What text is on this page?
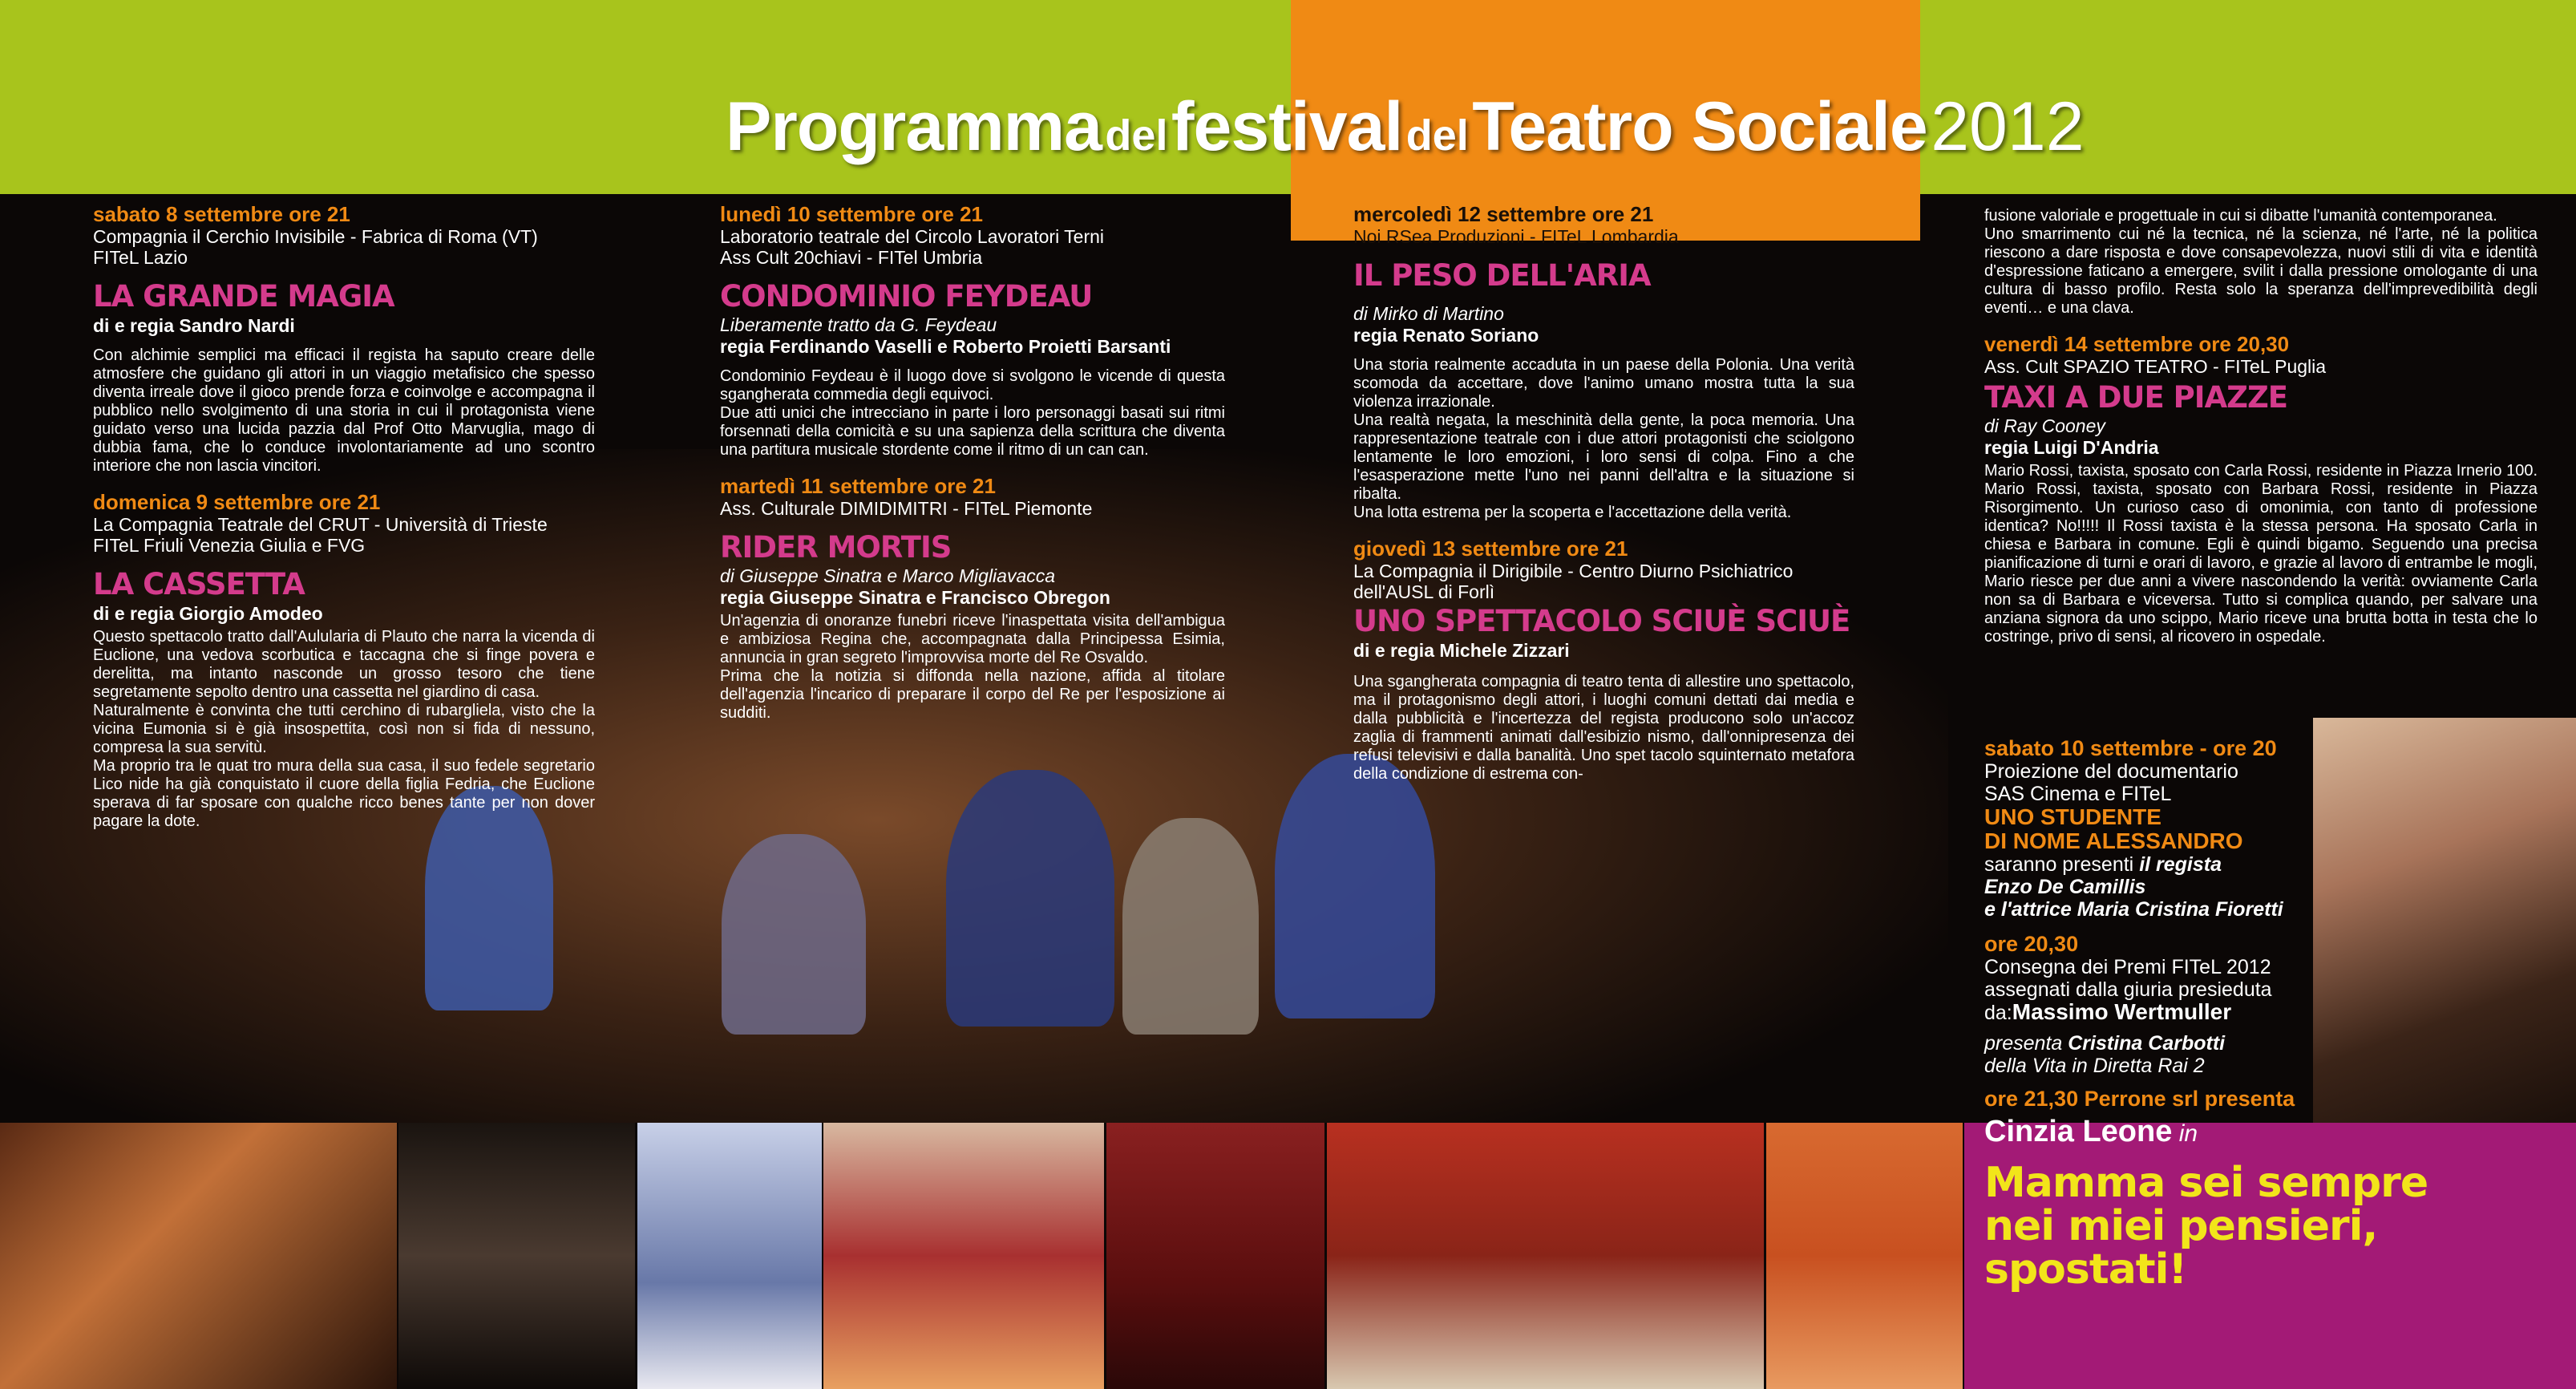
Programma del festival del Teatro Sociale 2012
sabato 8 settembre ore 21
Compagnia il Cerchio Invisibile - Fabrica di Roma (VT)
FITeL Lazio
LA GRANDE MAGIA
di e regia Sandro Nardi
Con alchimie semplici ma efficaci il regista ha saputo creare delle atmosfere che guidano gli attori in un viaggio metafisico che spesso diventa irreale dove il gioco prende forza e coinvolge e accompagna il pubblico nello svolgimento di una storia in cui il protagonista viene guidato verso una lucida pazzia dal Prof Otto Marvuglia, mago di dubbia fama, che lo conduce involontariamente ad uno scontro interiore che non lascia vincitori.
domenica 9 settembre ore 21
La Compagnia Teatrale del CRUT - Università di Trieste
FITeL Friuli Venezia Giulia e FVG
LA CASSETTA
di e regia Giorgio Amodeo
Questo spettacolo tratto dall'Aulularia di Plauto che narra la vicenda di Euclione, una vedova scorbutica e taccagna che si finge povera e derelitta, ma intanto nasconde un grosso tesoro che tiene segretamente sepolto dentro una cassetta nel giardino di casa.
Naturalmente è convinta che tutti cerchino di rubargliela, visto che la vicina Eumonia si è già insospettita, così non si fida di nessuno, compresa la sua servitù.
Ma proprio tra le quat tro mura della sua casa, il suo fedele segretario Lico nide ha già conquistato il cuore della figlia Fedria, che Euclione sperava di far sposare con qualche ricco benes tante per non dover pagare la dote.
lunedì 10 settembre ore 21
Laboratorio teatrale del Circolo Lavoratori Terni
Ass Cult 20chiavi - FITel Umbria
CONDOMINIO FEYDEAU
Liberamente tratto da G. Feydeau
regia Ferdinando Vaselli e Roberto Proietti Barsanti
Condominio Feydeau è il luogo dove si svolgono le vicende di questa sgangherata commedia degli equivoci.
Due atti unici che intrecciano in parte i loro personaggi basati sui ritmi forsennati della comicità e su una sapienza della scrittura che diventa una partitura musicale stordente come il ritmo di un can can.
martedì 11 settembre ore 21
Ass. Culturale DIMIDIMITRI - FITeL Piemonte
RIDER MORTIS
di Giuseppe Sinatra e Marco Migliavacca
regia Giuseppe Sinatra e Francisco Obregon
Un'agenzia di onoranze funebri riceve l'inaspettata visita dell'ambigua e ambiziosa Regina che, accompagnata dalla Principessa Esimia, annuncia in gran segreto l'improvvisa morte del Re Osvaldo.
Prima che la notizia si diffonda nella nazione, affida al titolare dell'agenzia l'incarico di preparare il corpo del Re per l'esposizione ai sudditi.
mercoledì 12 settembre ore 21
Noi RSea Produzioni - FITeL Lombardia
IL PESO DELL'ARIA
di Mirko di Martino
regia Renato Soriano
Una storia realmente accaduta in un paese della Polonia. Una verità scomoda da accettare, dove l'animo umano mostra tutta la sua violenza irrazionale.
Una realtà negata, la meschinità della gente, la poca memoria. Una rappresentazione teatrale con i due attori protagonisti che sciolgono lentamente le loro emozioni, i loro sensi di colpa. Fino a che l'esasperazione mette l'uno nei panni dell'altra e la situazione si ribalta.
Una lotta estrema per la scoperta e l'accettazione della verità.
giovedì 13 settembre ore 21
La Compagnia il Dirigibile - Centro Diurno Psichiatrico dell'AUSL di Forlì
UNO SPETTACOLO SCIUÈ SCIUÈ
di e regia Michele Zizzari
Una sgangherata compagnia di teatro tenta di allestire uno spettacolo, ma il protagonismo degli attori, i luoghi comuni dettati dai media e dalla pubblicità e l'incertezza del regista producono solo un'accoz zaglia di frammenti animati dall'esibizio nismo, dall'onnipresenza dei refusi televisivi e dalla banalità. Uno spet tacolo squinternato metafora della condizione di estrema con-
fusione valoriale e progettuale in cui si dibatte l'umanità contemporanea.
Uno smarrimento cui né la tecnica, né la scienza, né l'arte, né la politica riescono a dare risposta e dove consapevolezza, nuovi stili di vita e identità d'espressione faticano a emergere, svilit i dalla pressione omologante di una cultura di basso profilo. Resta solo la speranza dell'imprevedibilità degli eventi… e una clava.
venerdì 14 settembre ore 20,30
Ass. Cult SPAZIO TEATRO - FITeL Puglia
TAXI A DUE PIAZZE
di Ray Cooney
regia Luigi D'Andria
Mario Rossi, taxista, sposato con Carla Rossi, residente in Piazza Irnerio 100. Mario Rossi, taxista, sposato con Barbara Rossi, residente in Piazza Risorgimento. Un curioso caso di omonimia, con tanto di professione identica? No!!!!! Il Rossi taxista è la stessa persona. Ha sposato Carla in chiesa e Barbara in comune. Egli è quindi bigamo. Seguendo una precisa pianificazione di turni e orari di lavoro, e grazie al lavoro di entrambe le mogli, Mario riesce per due anni a vivere nascondendo la verità: ovviamente Carla non sa di Barbara e viceversa. Tutto si complica quando, per salvare una anziana signora da uno scippo, Mario riceve una brutta botta in testa che lo costringe, privo di sensi, al ricovero in ospedale.
sabato 10 settembre - ore 20
Proiezione del documentario
SAS Cinema e FITeL
UNO STUDENTE
DI NOME ALESSANDRO
saranno presenti il regista
Enzo De Camillis
e l'attrice Maria Cristina Fioretti
ore 20,30
Consegna dei Premi FITeL 2012
assegnati dalla giuria presieduta
da:Massimo Wertmuller
presenta Cristina Carbotti
della Vita in Diretta Rai 2
ore 21,30 Perrone srl presenta
Cinzia Leone in
Mamma sei sempre
nei miei pensieri,
spostati!
